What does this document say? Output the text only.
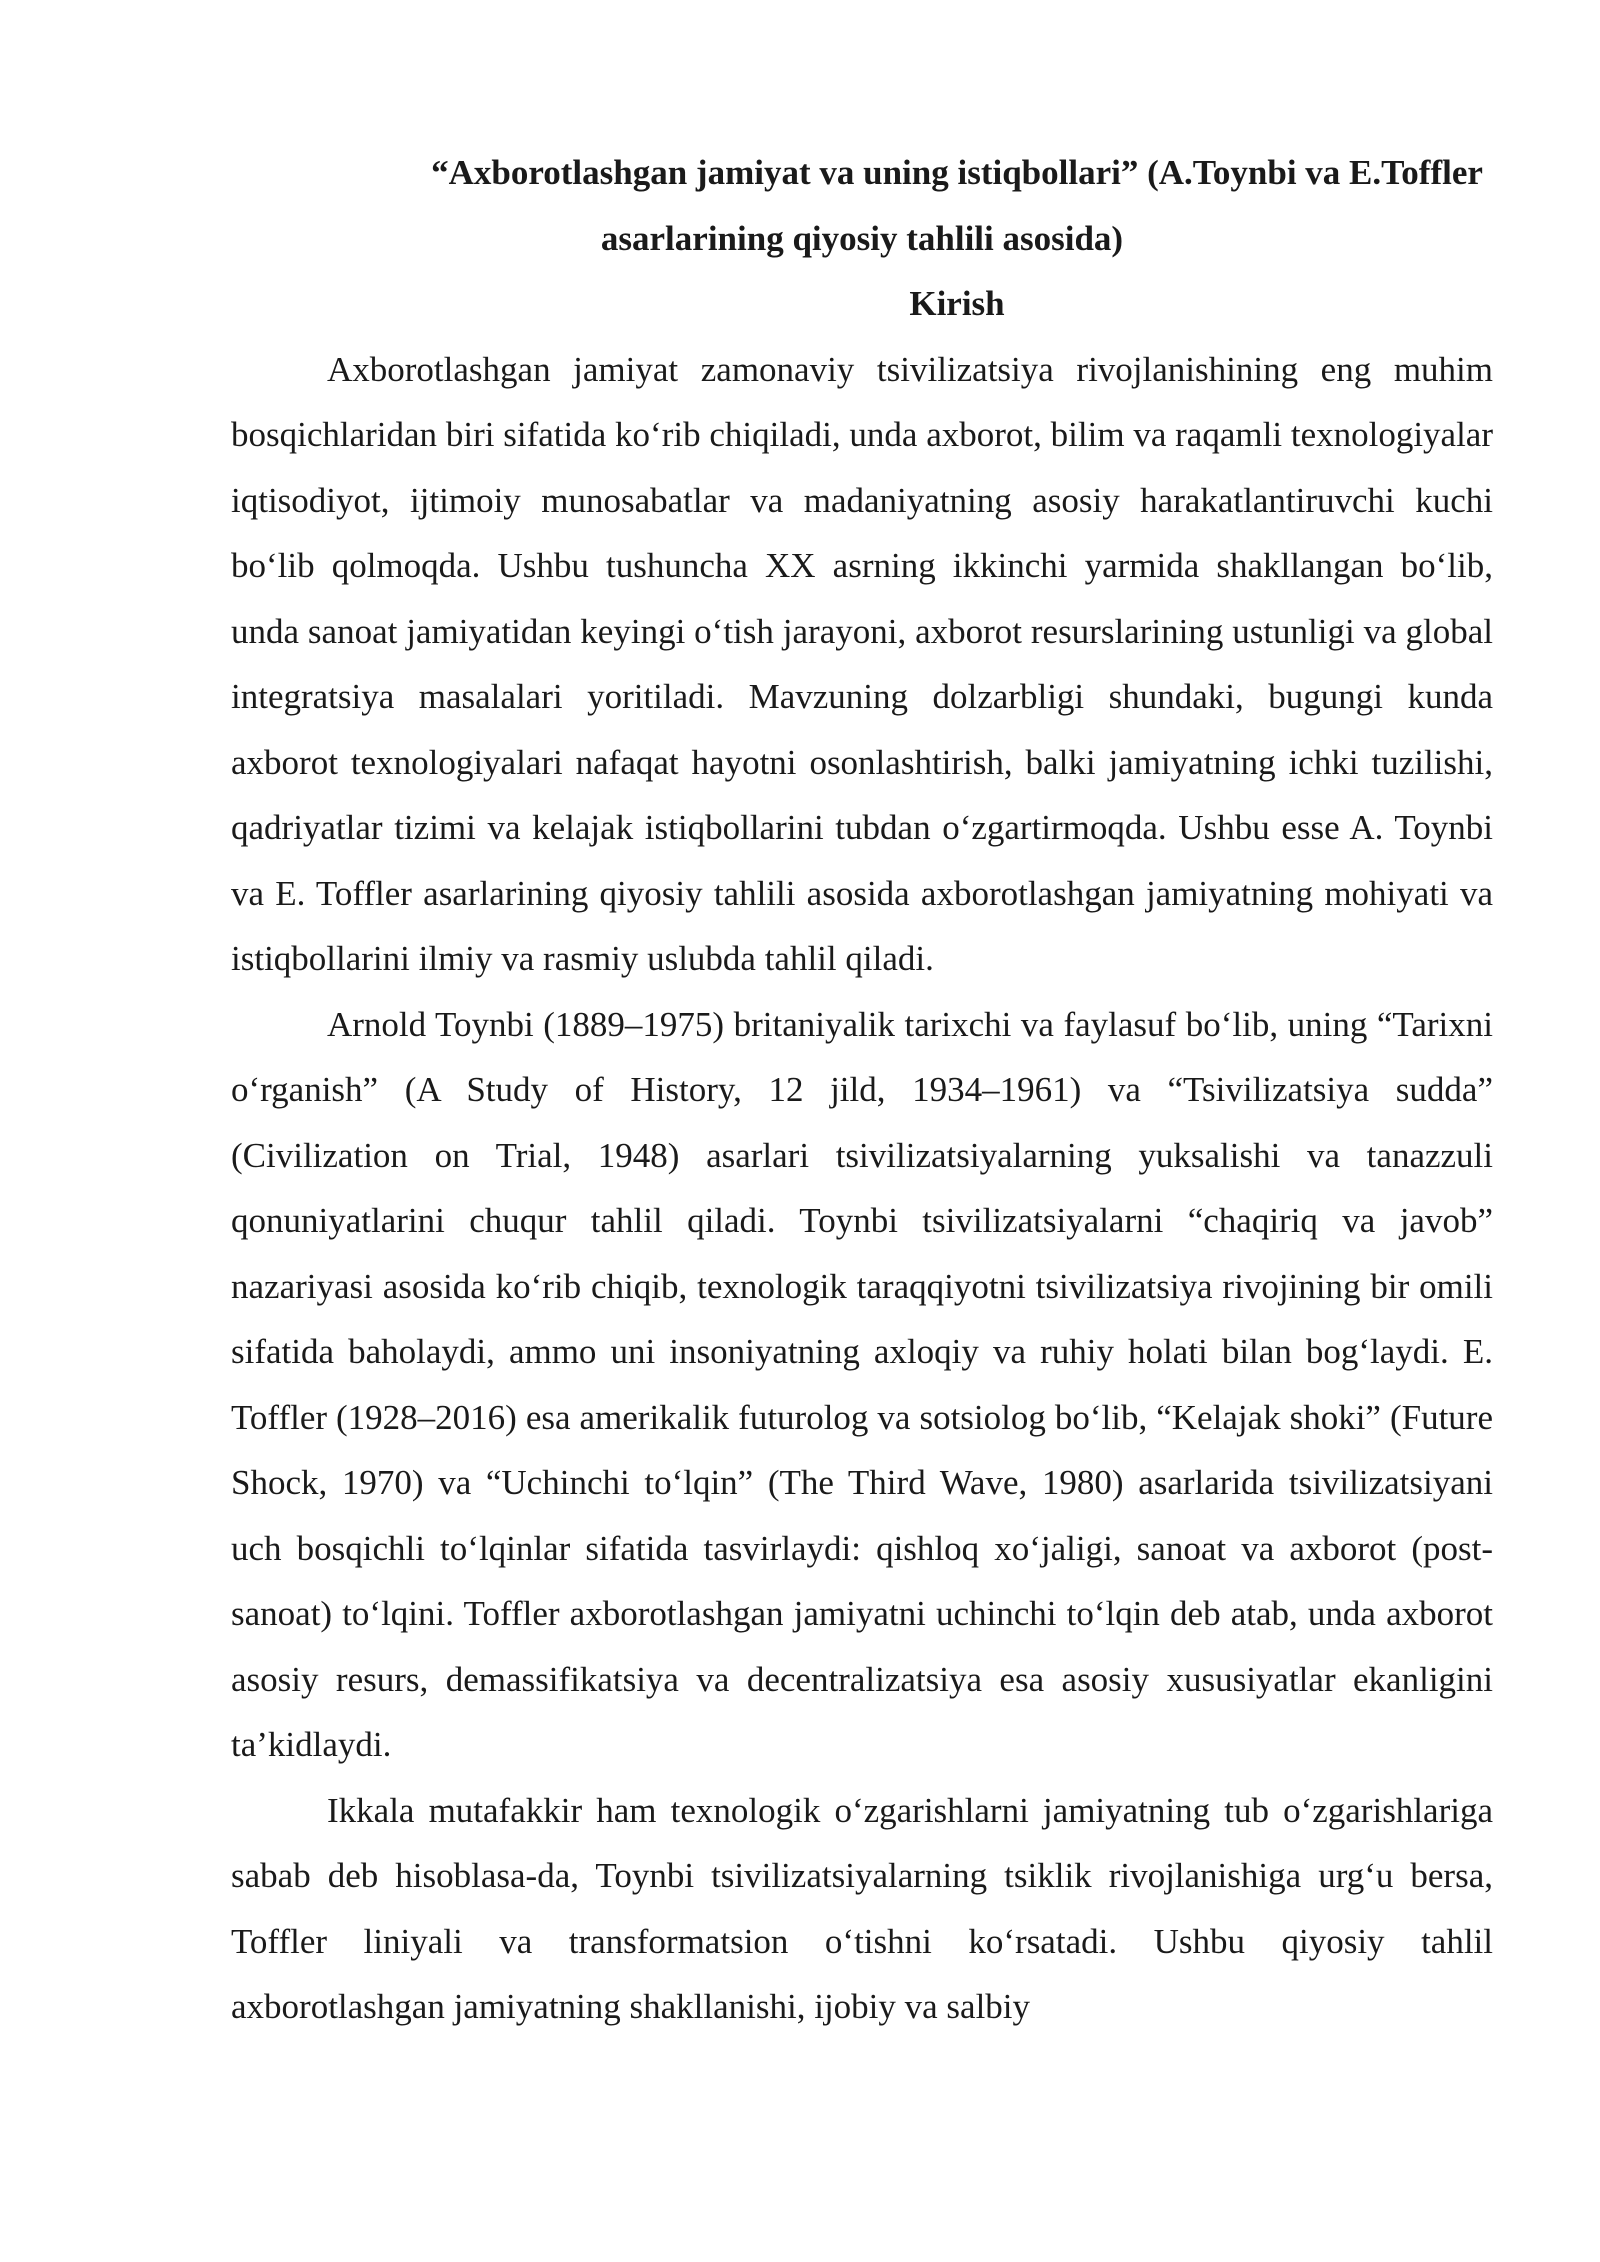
“Axborotlashgan jamiyat va uning istiqbollari” (A.Toynbi va E.Toffler
asarlarining qiyosiy tahlili asosida)

Kirish

Axborotlashgan jamiyat zamonaviy tsivilizatsiya rivojlanishining eng muhim bosqichlaridan biri sifatida ko‘rib chiqiladi, unda axborot, bilim va raqamli texnologiyalar iqtisodiyot, ijtimoiy munosabatlar va madaniyatning asosiy harakatlantiruvchi kuchi bo‘lib qolmoqda. Ushbu tushuncha XX asrning ikkinchi yarmida shakllangan bo‘lib, unda sanoat jamiyatidan keyingi o‘tish jarayoni, axborot resurslarining ustunligi va global integratsiya masalalari yoritiladi. Mavzuning dolzarbligi shundaki, bugungi kunda axborot texnologiyalari nafaqat hayotni osonlashtirish, balki jamiyatning ichki tuzilishi, qadriyatlar tizimi va kelajak istiqbollarini tubdan o‘zgartirmoqda. Ushbu esse A. Toynbi va E. Toffler asarlarining qiyosiy tahlili asosida axborotlashgan jamiyatning mohiyati va istiqbollarini ilmiy va rasmiy uslubda tahlil qiladi.

Arnold Toynbi (1889–1975) britaniyalik tarixchi va faylasuf bo‘lib, uning “Tarixni o‘rganish” (A Study of History, 12 jild, 1934–1961) va “Tsivilizatsiya sudda” (Civilization on Trial, 1948) asarlari tsivilizatsiyalarning yuksalishi va tanazzuli qonuniyatlarini chuqur tahlil qiladi. Toynbi tsivilizatsiyalarni “chaqiriq va javob” nazariyasi asosida ko‘rib chiqib, texnologik taraqqiyotni tsivilizatsiya rivojining bir omili sifatida baholaydi, ammo uni insoniyatning axloqiy va ruhiy holati bilan bog‘laydi. E. Toffler (1928–2016) esa amerikalik futurolog va sotsiolog bo‘lib, “Kelajak shoki” (Future Shock, 1970) va “Uchinchi to‘lqin” (The Third Wave, 1980) asarlarida tsivilizatsiyani uch bosqichli to‘lqinlar sifatida tasvirlaydi: qishloq xo‘jaligi, sanoat va axborot (post-sanoat) to‘lqini. Toffler axborotlashgan jamiyatni uchinchi to‘lqin deb atab, unda axborot asosiy resurs, demassifikatsiya va decentralizatsiya esa asosiy xususiyatlar ekanligini ta’kidlaydi.

Ikkala mutafakkir ham texnologik o‘zgarishlarni jamiyatning tub o‘zgarishlariga sabab deb hisoblasa-da, Toynbi tsivilizatsiyalarning tsiklik rivojlanishiga urg‘u bersa, Toffler liniyali va transformatsion o‘tishni ko‘rsatadi. Ushbu qiyosiy tahlil axborotlashgan jamiyatning shakllanishi, ijobiy va salbiy
